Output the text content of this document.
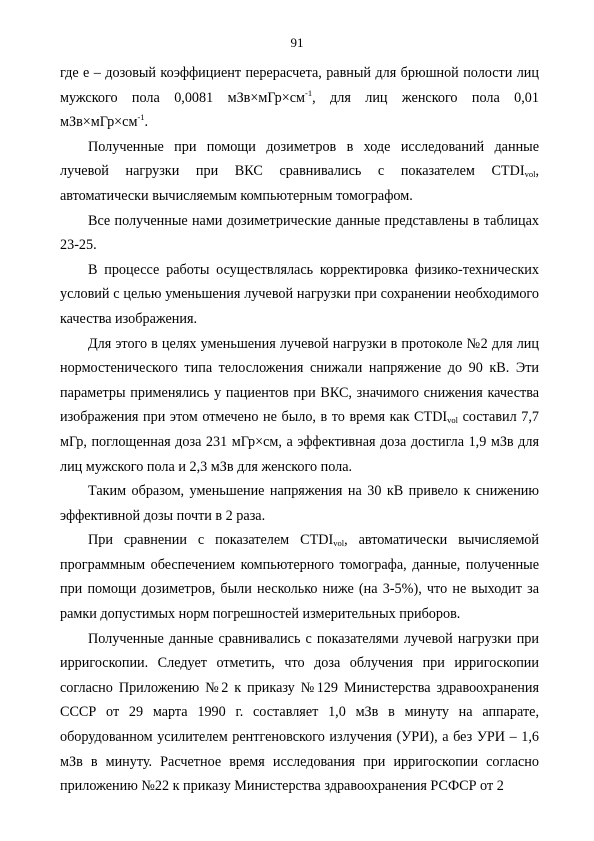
91

где е – дозовый коэффициент перерасчета, равный для брюшной полости лиц мужского пола 0,0081 $мЗв\times мГр\times см^{-1}$, для лиц женского пола 0,01 $мЗв\times мГр\times см^{-1}$.

Полученные при помощи дозиметров в ходе исследований данные лучевой нагрузки при ВКС сравнивались с показателем $CTDI_{vol}$, автоматически вычисляемым компьютерным томографом.

Все полученные нами дозиметрические данные представлены в таблицах 23-25.

В процессе работы осуществлялась корректировка физико-технических условий с целью уменьшения лучевой нагрузки при сохранении необходимого качества изображения.

Для этого в целях уменьшения лучевой нагрузки в протоколе №2 для лиц нормостенического типа телосложения снижали напряжение до 90 кВ. Эти параметры применялись у пациентов при ВКС, значимого снижения качества изображения при этом отмечено не было, в то время как $CTDI_{vol}$ составил 7,7 мГр, поглощенная доза 231 мГр×см, а эффективная доза достигла 1,9 мЗв для лиц мужского пола и 2,3 мЗв для женского пола.

Таким образом, уменьшение напряжения на 30 кВ привело к снижению эффективной дозы почти в 2 раза.

При сравнении с показателем $CTDI_{vol}$, автоматически вычисляемой программным обеспечением компьютерного томографа, данные, полученные при помощи дозиметров, были несколько ниже (на 3-5%), что не выходит за рамки допустимых норм погрешностей измерительных приборов.

Полученные данные сравнивались с показателями лучевой нагрузки при ирригоскопии. Следует отметить, что доза облучения при ирригоскопии согласно Приложению №2 к приказу №129 Министерства здравоохранения СССР от 29 марта 1990 г. составляет 1,0 мЗв в минуту на аппарате, оборудованном усилителем рентгеновского излучения (УРИ), а без УРИ – 1,6 мЗв в минуту. Расчетное время исследования при ирригоскопии согласно приложению №22 к приказу Министерства здравоохранения РСФСР от 2
